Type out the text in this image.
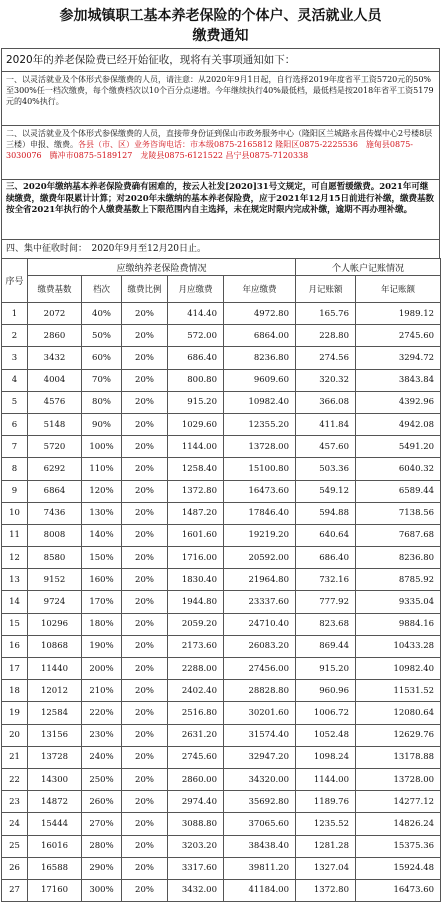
参加城镇职工基本养老保险的个体户、灵活就业人员
缴费通知
2020年的养老保险费已经开始征收，现将有关事项通知如下：
一、以灵活就业及个体形式参保缴费的人员，请注意：从2020年9月1日起，自行选择2019年度省平工资5720元的50%至300%任一档次缴费，每个缴费档次以10个百分点递增。今年继续执行40%最低档，最低档是按2018年省平工资5179元的40%执行。
二、以灵活就业及个体形式参保缴费的人员，直接带身份证到保山市政务服务中心（隆阳区兰城路永昌传媒中心2号楼8层三楼）申报、缴费。各县（市、区）业务咨询电话：市本级0875-2165812 隆阳区0875-2225536　施甸县0875-3030076　腾冲市0875-5189127　龙陵县0875-6121522 昌宁县0875-7120338
三、2020年缴纳基本养老保险费确有困难的，按云人社发[2020]31号文规定，可自愿暂缓缴费。2021年可继续缴费，缴费年限累计计算；对2020年未缴纳的基本养老保险费，应于2021年12月15日前进行补缴，缴费基数按全省2021年执行的个人缴费基数上下限范围内自主选择，未在规定时限内完成补缴，逾期不再办理补缴。
四、集中征收时间：　2020年9月至12月20日止。
序号	应缴纳养老保险费情况					个人帐户记账情况	
	缴费基数	档次	缴费比例	月应缴费	年应缴费	月记账额	年记账额
1	2072	40%	20%	414.40	4972.80	165.76	1989.12
2	2860	50%	20%	572.00	6864.00	228.80	2745.60
3	3432	60%	20%	686.40	8236.80	274.56	3294.72
4	4004	70%	20%	800.80	9609.60	320.32	3843.84
5	4576	80%	20%	915.20	10982.40	366.08	4392.96
6	5148	90%	20%	1029.60	12355.20	411.84	4942.08
7	5720	100%	20%	1144.00	13728.00	457.60	5491.20
8	6292	110%	20%	1258.40	15100.80	503.36	6040.32
9	6864	120%	20%	1372.80	16473.60	549.12	6589.44
10	7436	130%	20%	1487.20	17846.40	594.88	7138.56
11	8008	140%	20%	1601.60	19219.20	640.64	7687.68
12	8580	150%	20%	1716.00	20592.00	686.40	8236.80
13	9152	160%	20%	1830.40	21964.80	732.16	8785.92
14	9724	170%	20%	1944.80	23337.60	777.92	9335.04
15	10296	180%	20%	2059.20	24710.40	823.68	9884.16
16	10868	190%	20%	2173.60	26083.20	869.44	10433.28
17	11440	200%	20%	2288.00	27456.00	915.20	10982.40
18	12012	210%	20%	2402.40	28828.80	960.96	11531.52
19	12584	220%	20%	2516.80	30201.60	1006.72	12080.64
20	13156	230%	20%	2631.20	31574.40	1052.48	12629.76
21	13728	240%	20%	2745.60	32947.20	1098.24	13178.88
22	14300	250%	20%	2860.00	34320.00	1144.00	13728.00
23	14872	260%	20%	2974.40	35692.80	1189.76	14277.12
24	15444	270%	20%	3088.80	37065.60	1235.52	14826.24
25	16016	280%	20%	3203.20	38438.40	1281.28	15375.36
26	16588	290%	20%	3317.60	39811.20	1327.04	15924.48
27	17160	300%	20%	3432.00	41184.00	1372.80	16473.60
